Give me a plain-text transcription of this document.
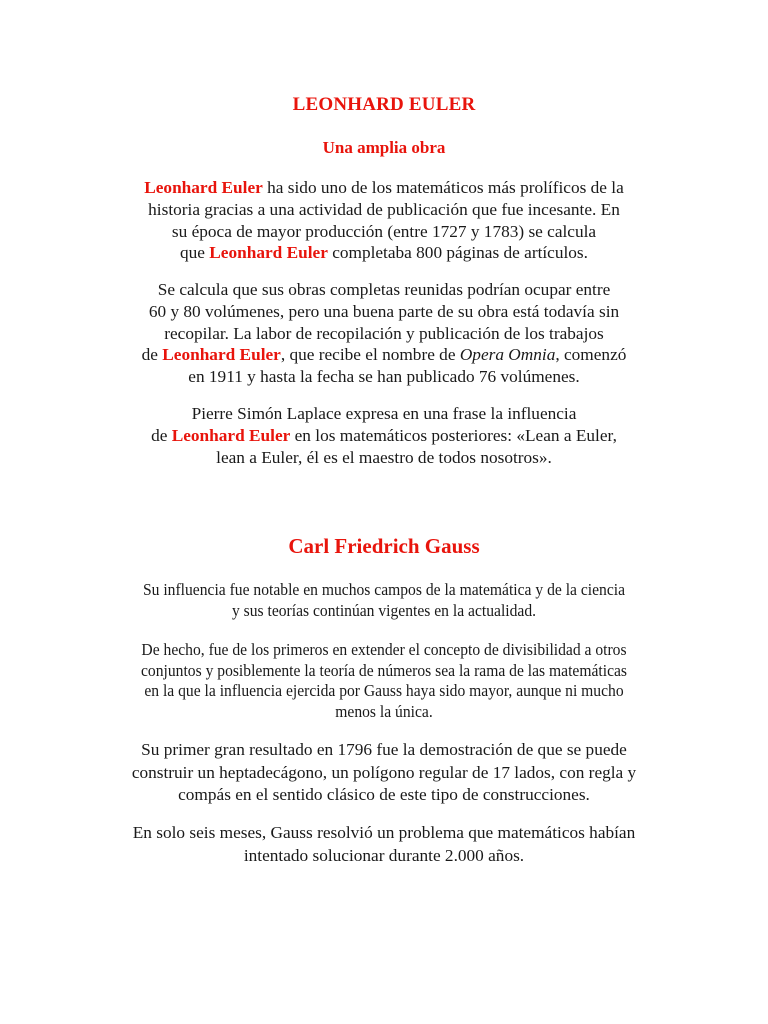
LEONHARD EULER
Una amplia obra
Leonhard Euler ha sido uno de los matemáticos más prolíficos de la
historia gracias a una actividad de publicación que fue incesante. En
su época de mayor producción (entre 1727 y 1783) se calcula
que Leonhard Euler completaba 800 páginas de artículos.
Se calcula que sus obras completas reunidas podrían ocupar entre
60 y 80 volúmenes, pero una buena parte de su obra está todavía sin
recopilar. La labor de recopilación y publicación de los trabajos
de Leonhard Euler, que recibe el nombre de Opera Omnia, comenzó
en 1911 y hasta la fecha se han publicado 76 volúmenes.
Pierre Simón Laplace expresa en una frase la influencia
de Leonhard Euler en los matemáticos posteriores: «Lean a Euler,
lean a Euler, él es el maestro de todos nosotros».
Carl Friedrich Gauss
Su influencia fue notable en muchos campos de la matemática y de la ciencia
y sus teorías continúan vigentes en la actualidad.
De hecho, fue de los primeros en extender el concepto de divisibilidad a otros
conjuntos y posiblemente la teoría de números sea la rama de las matemáticas
en la que la influencia ejercida por Gauss haya sido mayor, aunque ni mucho
menos la única.
Su primer gran resultado en 1796 fue la demostración de que se puede
construir un heptadecágono, un polígono regular de 17 lados, con regla y
compás en el sentido clásico de este tipo de construcciones.
En solo seis meses, Gauss resolvió un problema que matemáticos habían
intentado solucionar durante 2.000 años.
